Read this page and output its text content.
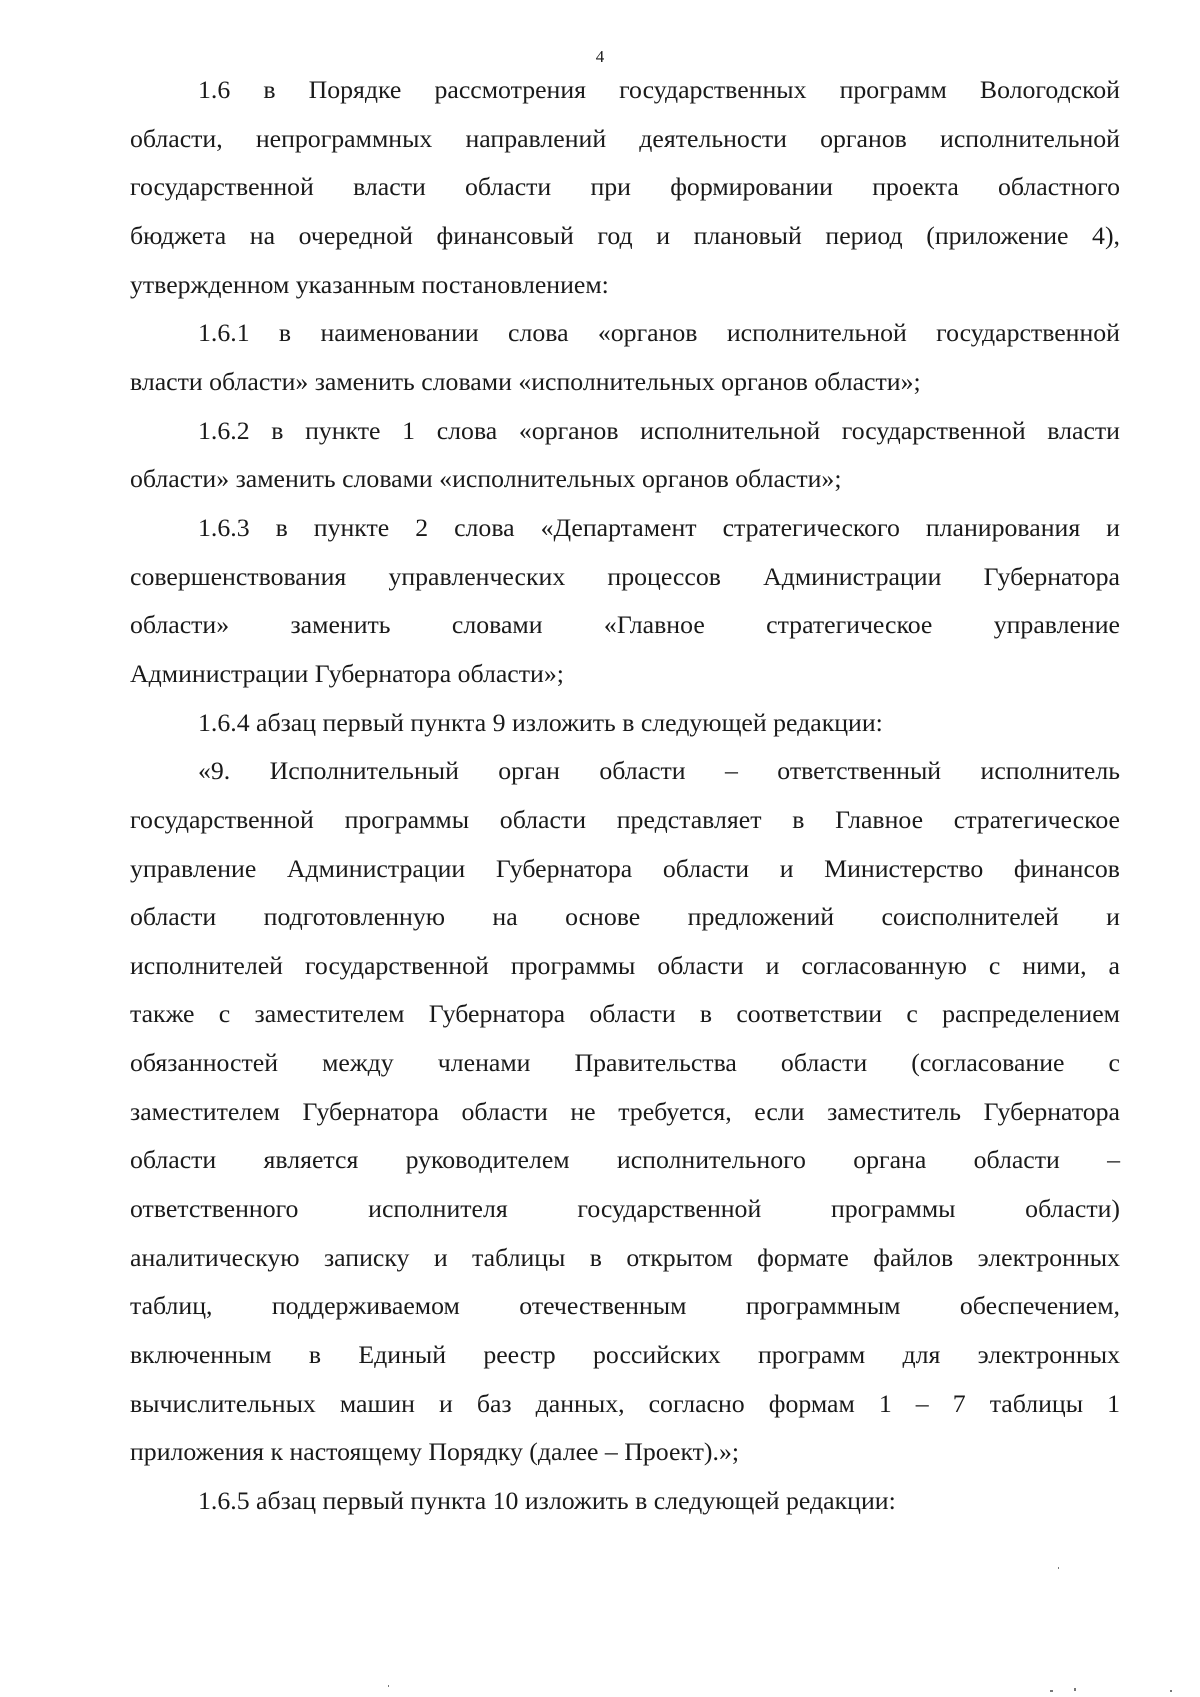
4
1.6 в Порядке рассмотрения государственных программ Вологодской
области, непрограммных направлений деятельности органов исполнительной
государственной власти области при формировании проекта областного
бюджета на очередной финансовый год и плановый период (приложение 4),
утвержденном указанным постановлением:
1.6.1 в наименовании слова «органов исполнительной государственной
власти области» заменить словами «исполнительных органов области»;
1.6.2 в пункте 1 слова «органов исполнительной государственной власти
области» заменить словами «исполнительных органов области»;
1.6.3 в пункте 2 слова «Департамент стратегического планирования и
совершенствования управленческих процессов Администрации Губернатора
области» заменить словами «Главное стратегическое управление
Администрации Губернатора области»;
1.6.4 абзац первый пункта 9 изложить в следующей редакции:
«9. Исполнительный орган области – ответственный исполнитель
государственной программы области представляет в Главное стратегическое
управление Администрации Губернатора области и Министерство финансов
области подготовленную на основе предложений соисполнителей и
исполнителей государственной программы области и согласованную с ними, а
также с заместителем Губернатора области в соответствии с распределением
обязанностей между членами Правительства области (согласование с
заместителем Губернатора области не требуется, если заместитель Губернатора
области является руководителем исполнительного органа области –
ответственного исполнителя государственной программы области)
аналитическую записку и таблицы в открытом формате файлов электронных
таблиц, поддерживаемом отечественным программным обеспечением,
включенным в Единый реестр российских программ для электронных
вычислительных машин и баз данных, согласно формам 1 – 7 таблицы 1
приложения к настоящему Порядку (далее – Проект).»;
1.6.5 абзац первый пункта 10 изложить в следующей редакции:
